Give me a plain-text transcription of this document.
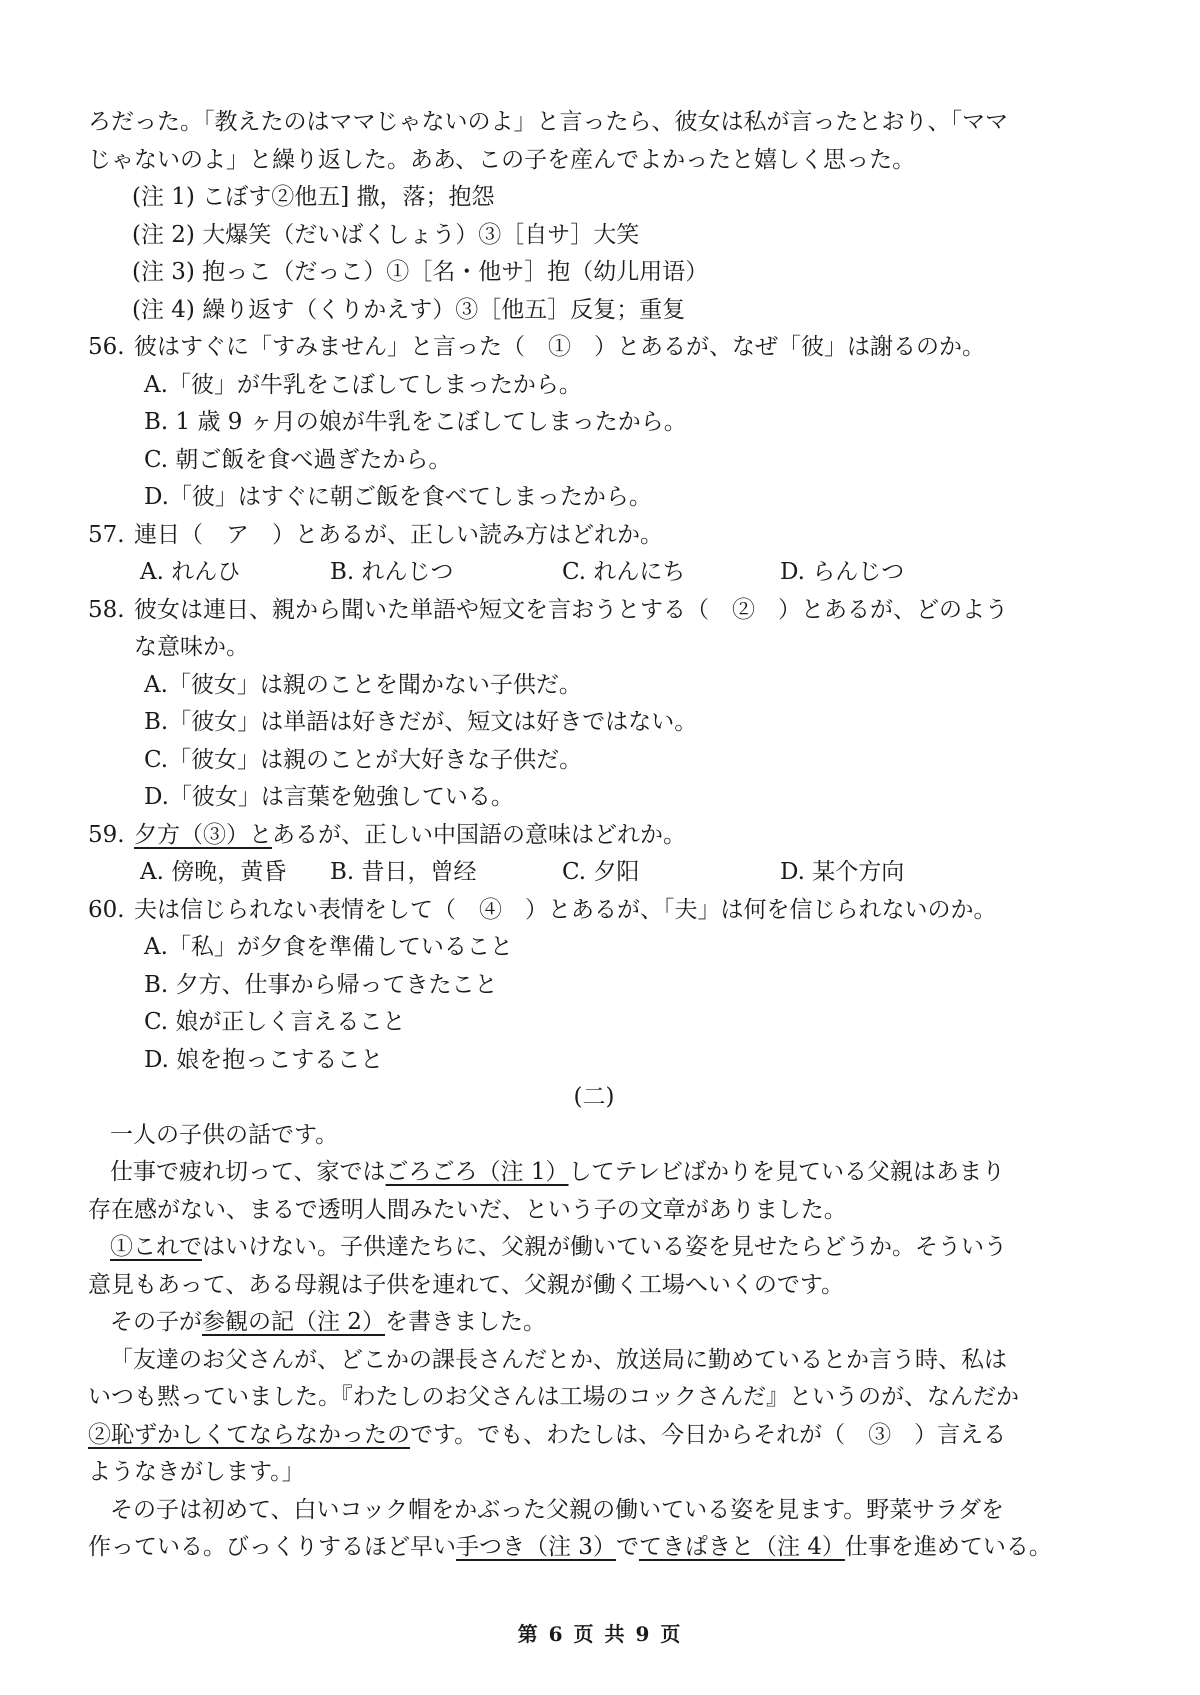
ろだった。「教えたのはママじゃないのよ」と言ったら、彼女は私が言ったとおり、「ママ
じゃないのよ」と繰り返した。ああ、この子を産んでよかったと嬉しく思った。
(注 1) こぼす②他五] 撒，落；抱怨
(注 2) 大爆笑（だいばくしょう）③［自サ］大笑
(注 3) 抱っこ（だっこ）①［名・他サ］抱（幼儿用语）
(注 4) 繰り返す（くりかえす）③［他五］反复；重复
56. 彼はすぐに「すみません」と言った（　①　）とあるが、なぜ「彼」は謝るのか。
A.「彼」が牛乳をこぼしてしまったから。
B. 1 歳 9 ヶ月の娘が牛乳をこぼしてしまったから。
C. 朝ご飯を食べ過ぎたから。
D.「彼」はすぐに朝ご飯を食べてしまったから。
57. 連日（　ア　）とあるが、正しい読み方はどれか。
A. れんひ	B. れんじつ	C. れんにち	D. らんじつ
58. 彼女は連日、親から聞いた単語や短文を言おうとする（　②　）とあるが、どのよう
な意味か。
A.「彼女」は親のことを聞かない子供だ。
B.「彼女」は単語は好きだが、短文は好きではない。
C.「彼女」は親のことが大好きな子供だ。
D.「彼女」は言葉を勉強している。
59. 夕方（③）とあるが、正しい中国語の意味はどれか。
A. 傍晚，黄昏	B. 昔日，曾经	C. 夕阳	D. 某个方向
60. 夫は信じられない表情をして（　④　）とあるが、「夫」は何を信じられないのか。
A.「私」が夕食を準備していること
B. 夕方、仕事から帰ってきたこと
C. 娘が正しく言えること
D. 娘を抱っこすること
(二)
一人の子供の話です。
仕事で疲れ切って、家ではごろごろ（注 1）してテレビばかりを見ている父親はあまり
存在感がない、まるで透明人間みたいだ、という子の文章がありました。
①これではいけない。子供達たちに、父親が働いている姿を見せたらどうか。そういう
意見もあって、ある母親は子供を連れて、父親が働く工場へいくのです。
その子が参観の記（注 2）を書きました。
「友達のお父さんが、どこかの課長さんだとか、放送局に勤めているとか言う時、私は
いつも黙っていました。『わたしのお父さんは工場のコックさんだ』というのが、なんだか
②恥ずかしくてならなかったのです。でも、わたしは、今日からそれが（　③　）言える
ようなきがします。」
その子は初めて、白いコック帽をかぶった父親の働いている姿を見ます。野菜サラダを
作っている。びっくりするほど早い手つき（注 3）でてきぱきと（注 4）仕事を進めている。
第 6 页 共 9 页
